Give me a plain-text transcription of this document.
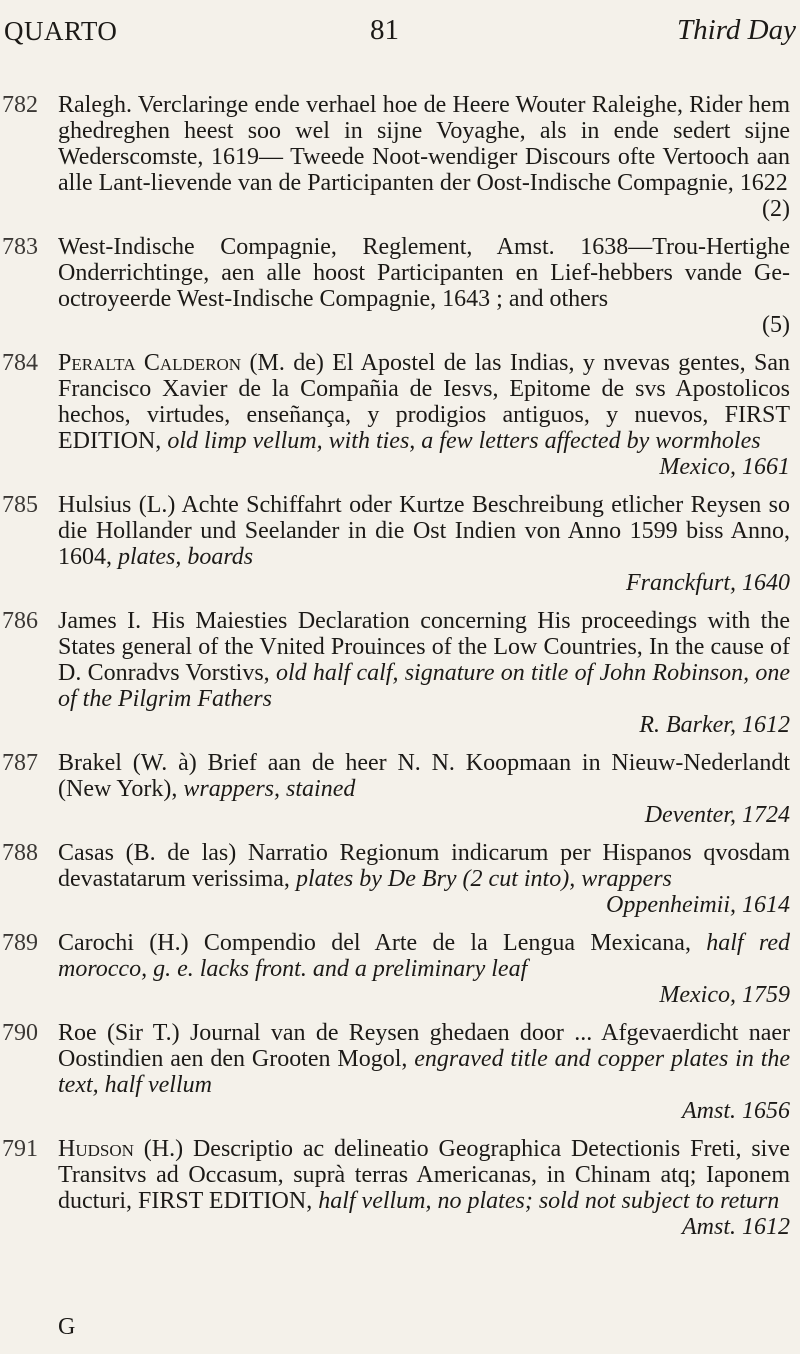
QUARTO	81	Third Day
782 Ralegh. Verclaringe ende verhael hoe de Heere Wouter Raleighe, Rider hem ghedreghen heest soo wel in sijne Voyaghe, als in ende sedert sijne Wederscomste, 1619— Tweede Noot-wendiger Discours ofte Vertooch aan alle Lant-lievende van de Participanten der Oost-Indische Compagnie, 1622
(2)
783 West-Indische Compagnie, Reglement, Amst. 1638—Trou-Hertighe Onderrichtinge, aen alle hoost Participanten en Lief-hebbers vande Ge-octroyeerde West-Indische Compagnie, 1643 ; and others
(5)
784 Peralta Calderon (M. de) El Apostel de las Indias, y nvevas gentes, San Francisco Xavier de la Compañia de Iesvs, Epitome de svs Apostolicos hechos, virtudes, enseñança, y prodigios antiguos, y nuevos, FIRST EDITION, old limp vellum, with ties, a few letters affected by wormholes
Mexico, 1661
785 Hulsius (L.) Achte Schiffahrt oder Kurtze Beschreibung etlicher Reysen so die Hollander und Seelander in die Ost Indien von Anno 1599 biss Anno, 1604, plates, boards
Franckfurt, 1640
786 James I. His Maiesties Declaration concerning His proceedings with the States general of the Vnited Prouinces of the Low Countries, In the cause of D. Conradvs Vorstivs, old half calf, signature on title of John Robinson, one of the Pilgrim Fathers
R. Barker, 1612
787 Brakel (W. à) Brief aan de heer N. N. Koopmaan in Nieuw-Nederlandt (New York), wrappers, stained
Deventer, 1724
788 Casas (B. de las) Narratio Regionum indicarum per Hispanos qvosdam devastatarum verissima, plates by De Bry (2 cut into), wrappers
Oppenheimii, 1614
789 Carochi (H.) Compendio del Arte de la Lengua Mexicana, half red morocco, g. e. lacks front. and a preliminary leaf
Mexico, 1759
790 Roe (Sir T.) Journal van de Reysen ghedaen door ... Afgevaerdicht naer Oostindien aen den Grooten Mogol, engraved title and copper plates in the text, half vellum
Amst. 1656
791 Hudson (H.) Descriptio ac delineatio Geographica Detectionis Freti, sive Transitvs ad Occasum, suprà terras Americanas, in Chinam atq; Iaponem ducturi, FIRST EDITION, half vellum, no plates; sold not subject to return
Amst. 1612
G
